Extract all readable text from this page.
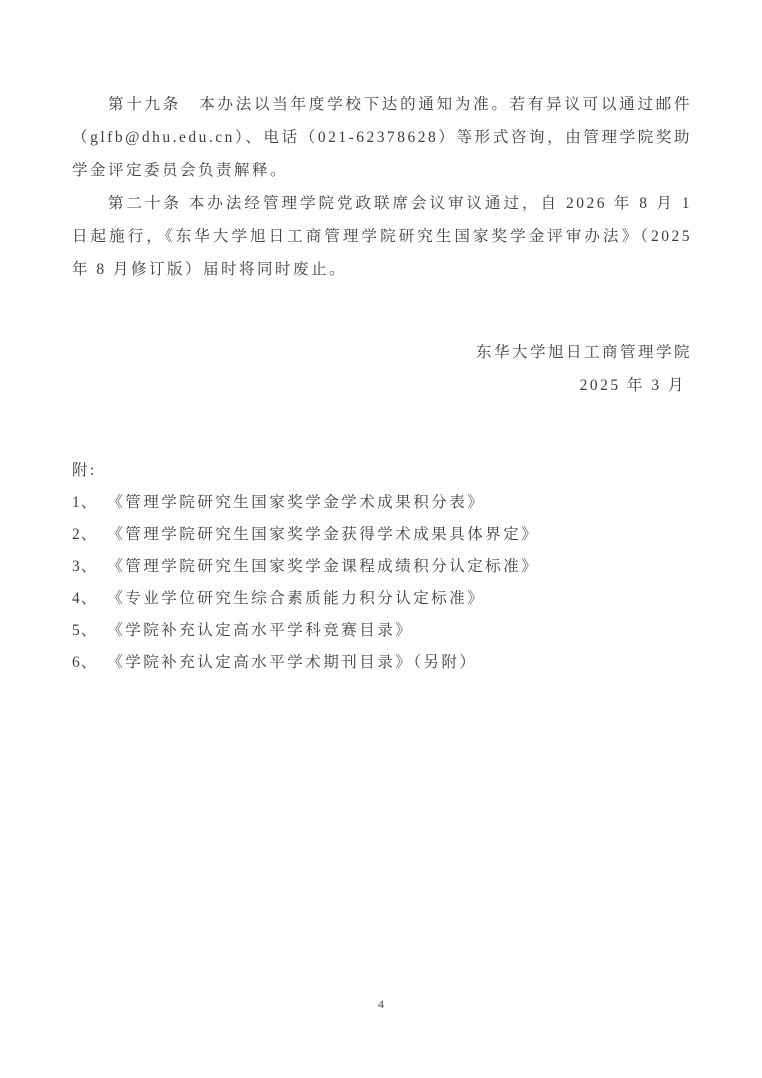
第十九条　本办法以当年度学校下达的通知为准。若有异议可以通过邮件（glfb@dhu.edu.cn）、电话（021-62378628）等形式咨询，由管理学院奖助学金评定委员会负责解释。

第二十条 本办法经管理学院党政联席会议审议通过，自 2026 年 8 月 1 日起施行，《东华大学旭日工商管理学院研究生国家奖学金评审办法》（2025 年 8 月修订版）届时将同时废止。

东华大学旭日工商管理学院
2025 年 3 月
附:
1、 《管理学院研究生国家奖学金学术成果积分表》
2、 《管理学院研究生国家奖学金获得学术成果具体界定》
3、 《管理学院研究生国家奖学金课程成绩积分认定标准》
4、 《专业学位研究生综合素质能力积分认定标准》
5、 《学院补充认定高水平学科竞赛目录》
6、 《学院补充认定高水平学术期刊目录》（另附）
4
